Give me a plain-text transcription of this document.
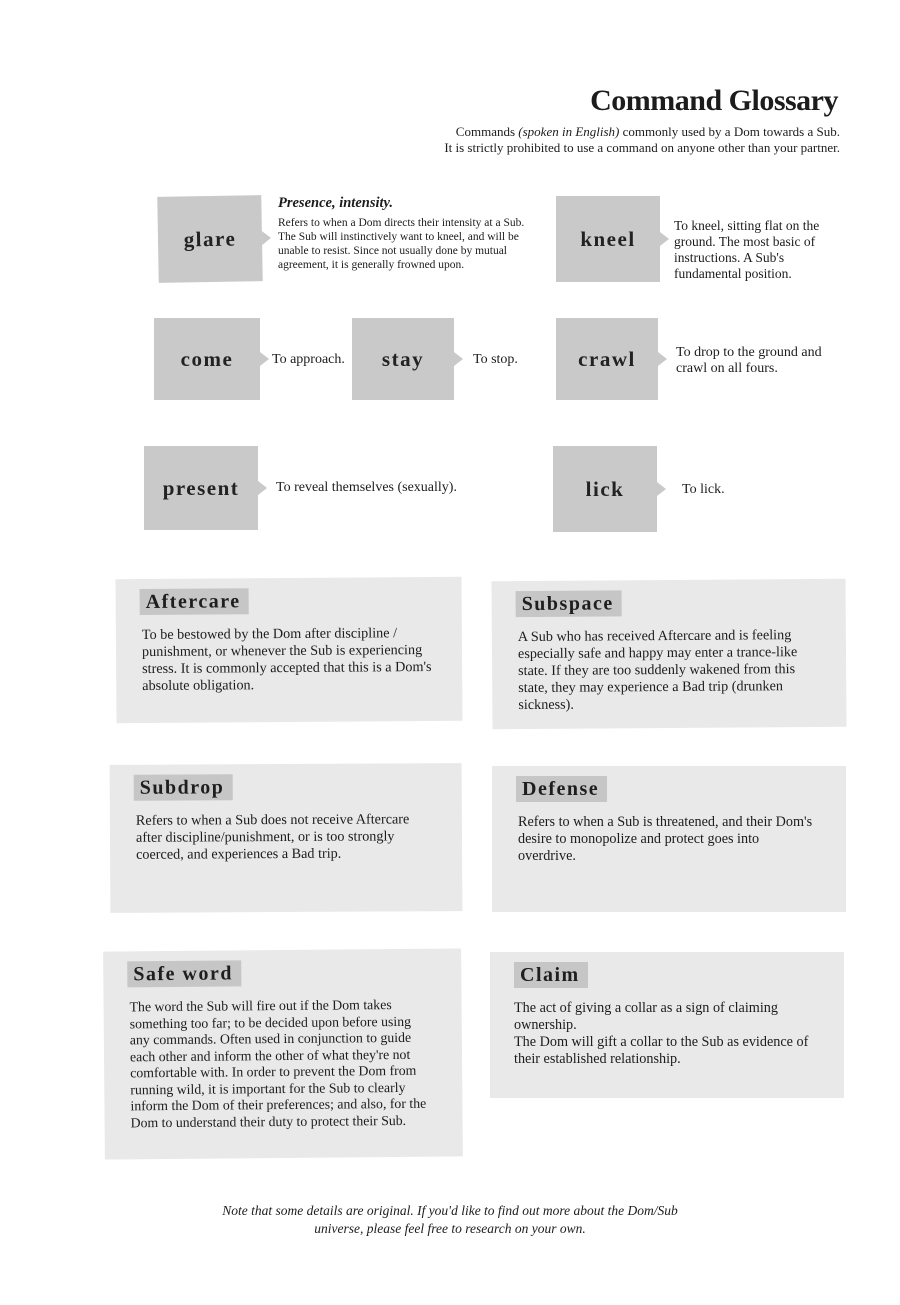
Command Glossary
Commands (spoken in English) commonly used by a Dom towards a Sub.
It is strictly prohibited to use a command on anyone other than your partner.
glare
Presence, intensity.
Refers to when a Dom directs their intensity at a Sub. The Sub will instinctively want to kneel, and will be unable to resist. Since not usually done by mutual agreement, it is generally frowned upon.
kneel
To kneel, sitting flat on the ground. The most basic of instructions. A Sub's fundamental position.
come	To approach. stay	To stop.	crawl	To drop to the ground and crawl on all fours.
present	To reveal themselves (sexually).	lick	To lick.
Aftercare
To be bestowed by the Dom after discipline / punishment, or whenever the Sub is experiencing stress. It is commonly accepted that this is a Dom's absolute obligation.
Subspace
A Sub who has received Aftercare and is feeling especially safe and happy may enter a trance-like state. If they are too suddenly wakened from this state, they may experience a Bad trip (drunken sickness).
Subdrop
Refers to when a Sub does not receive Aftercare after discipline/punishment, or is too strongly coerced, and experiences a Bad trip.
Defense
Refers to when a Sub is threatened, and their Dom's desire to monopolize and protect goes into overdrive.
Safe word
The word the Sub will fire out if the Dom takes something too far; to be decided upon before using any commands. Often used in conjunction to guide each other and inform the other of what they're not comfortable with. In order to prevent the Dom from running wild, it is important for the Sub to clearly inform the Dom of their preferences; and also, for the Dom to understand their duty to protect their Sub.
Claim
The act of giving a collar as a sign of claiming ownership.
The Dom will gift a collar to the Sub as evidence of their established relationship.
Note that some details are original. If you'd like to find out more about the Dom/Sub
universe, please feel free to research on your own.
